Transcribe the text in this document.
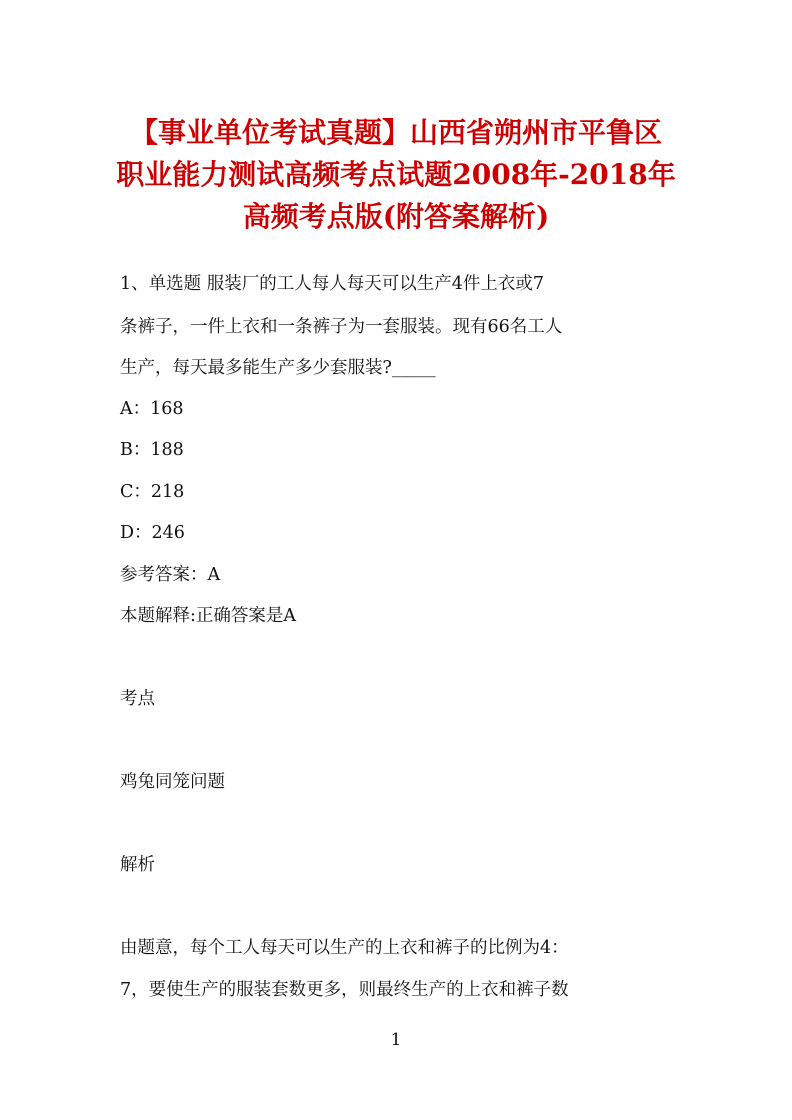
【事业单位考试真题】山西省朔州市平鲁区
职业能力测试高频考点试题2008年-2018年
高频考点版(附答案解析)

1、单选题 服装厂的工人每人每天可以生产4件上衣或7

条裤子，一件上衣和一条裤子为一套服装。现有66名工人

生产，每天最多能生产多少套服装?_____

A：168

B：188

C：218

D：246

参考答案：A

本题解释:正确答案是A

考点

鸡兔同笼问题

解析

由题意，每个工人每天可以生产的上衣和裤子的比例为4：

7，要使生产的服装套数更多，则最终生产的上衣和裤子数

1
